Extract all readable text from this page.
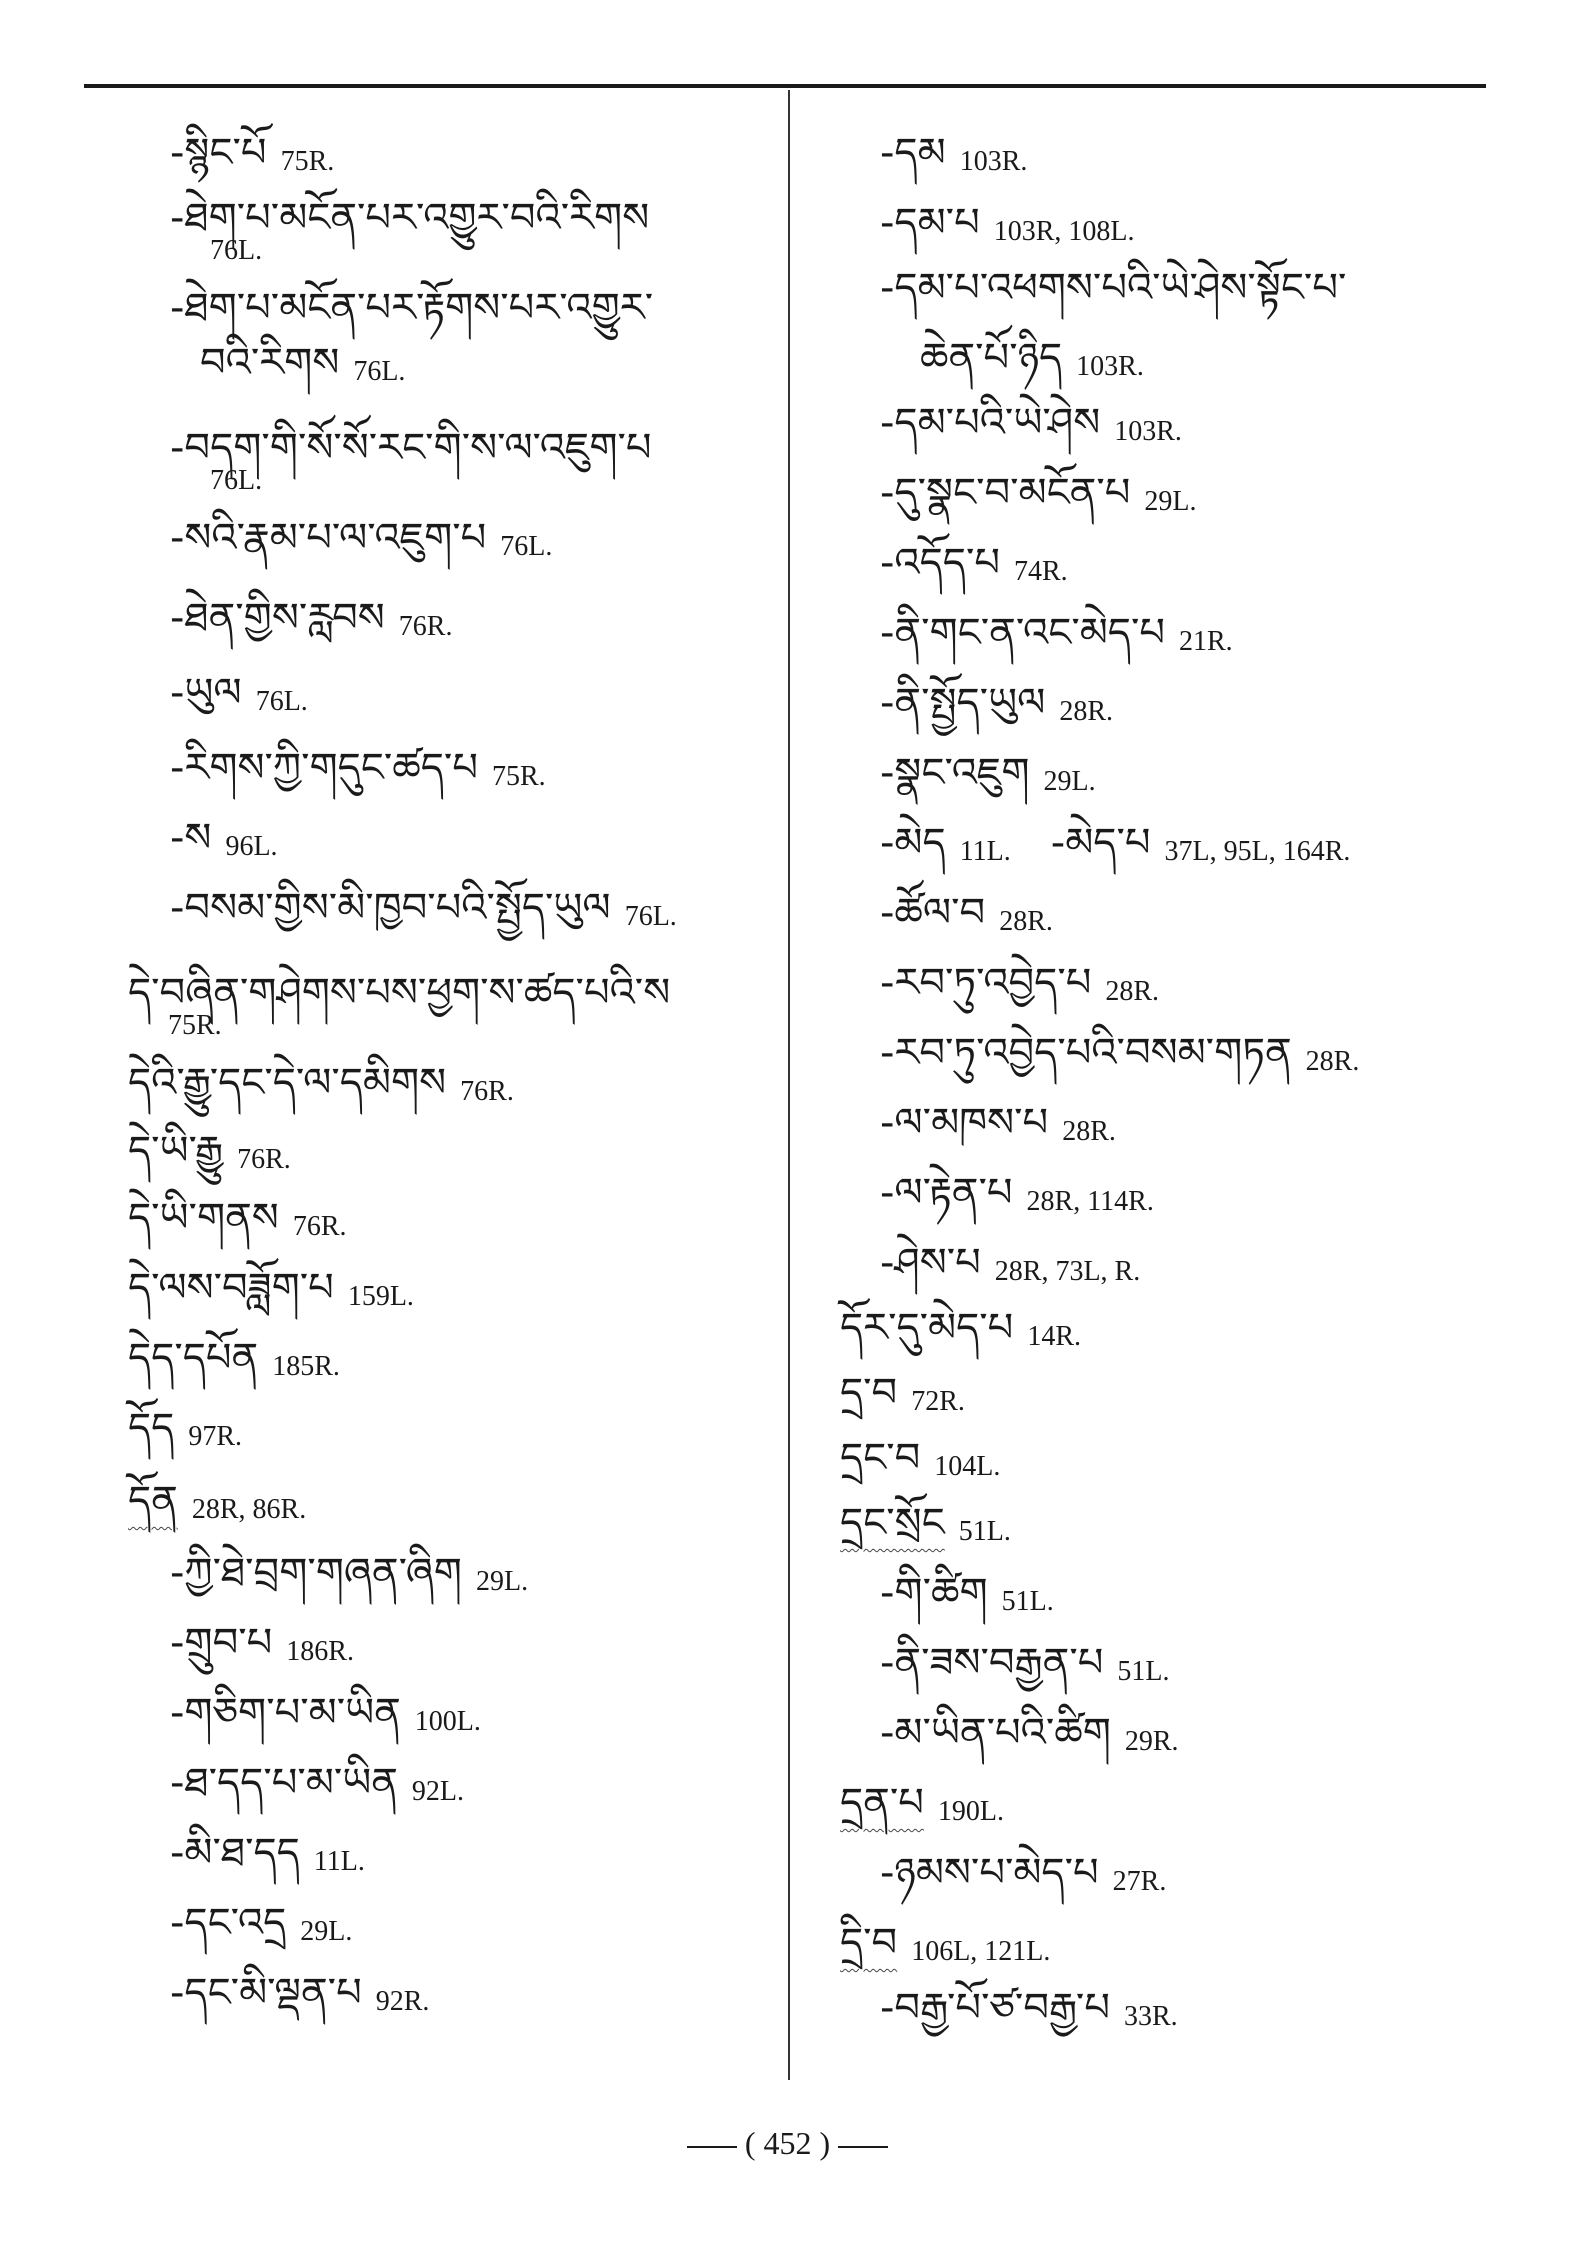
-སྙིང་པོ 75R.
-ཐེག་པ་མངོན་པར་འགྱུར་བའི་རིགས
76L.
-ཐེག་པ་མངོན་པར་རྟོགས་པར་འགྱུར་
བའི་རིགས 76L.
-བདག་གི་སོ་སོ་རང་གི་ས་ལ་འཇུག་པ
76L.
-སའི་རྣམ་པ་ལ་འཇུག་པ 76L.
-ཐེན་གྱིས་རླབས 76R.
-ཡུལ 76L.
-རིགས་ཀྱི་གདུང་ཚད་པ 75R.
-ས 96L.
-བསམ་གྱིས་མི་ཁྱབ་པའི་སྤྱོད་ཡུལ 76L.
དེ་བཞིན་གཤེགས་པས་ཕྱག་ས་ཚད་པའི་ས
75R.
དེའི་རྒྱུ་དང་དེ་ལ་དམིགས 76R.
དེ་ཡི་རྒྱུ 76R.
དེ་ཡི་གནས 76R.
དེ་ལས་བཟློག་པ 159L.
དེད་དཔོན 185R.
དོད 97R.
དོན 28R, 86R.
-ཀྱི་ཐེ་བྲག་གཞན་ཞིག 29L.
-གྲུབ་པ 186R.
-གཅིག་པ་མ་ཡིན 100L.
-ཐ་དད་པ་མ་ཡིན 92L.
-མི་ཐ་དད 11L.
-དང་འདྲ 29L.
-དང་མི་ལྡན་པ 92R.
-དམ 103R.
-དམ་པ 103R, 108L.
-དམ་པ་འཕགས་པའི་ཡེ་ཤེས་སྟོང་པ་
ཆེན་པོ་ཉིད 103R.
-དམ་པའི་ཡེ་ཤེས 103R.
-དུ་སྣང་བ་མངོན་པ 29L.
-འདོད་པ 74R.
-ནི་གང་ན་འང་མེད་པ 21R.
-ནི་སྤྱོད་ཡུལ 28R.
-སྣང་འཇུག 29L.
-མེད 11L. -མེད་པ 37L, 95L, 164R.
-ཚོལ་བ 28R.
-རབ་ཏུ་འབྱེད་པ 28R.
-རབ་ཏུ་འབྱེད་པའི་བསམ་གཏན 28R.
-ལ་མཁས་པ 28R.
-ལ་རྟེན་པ 28R, 114R.
-ཤེས་པ 28R, 73L, R.
དོར་དུ་མེད་པ 14R.
དྲ་བ 72R.
དྲང་བ 104L.
དྲང་སྲོང 51L.
-གི་ཚིག 51L.
-ནི་ཟས་བརྒྱན་པ 51L.
-མ་ཡིན་པའི་ཚིག 29R.
དྲན་པ 190L.
-ཉམས་པ་མེད་པ 27R.
དྲི་བ 106L, 121L.
-བརྒྱ་པོ་ཙ་བརྒྱ་པ 33R.
( 452 )
